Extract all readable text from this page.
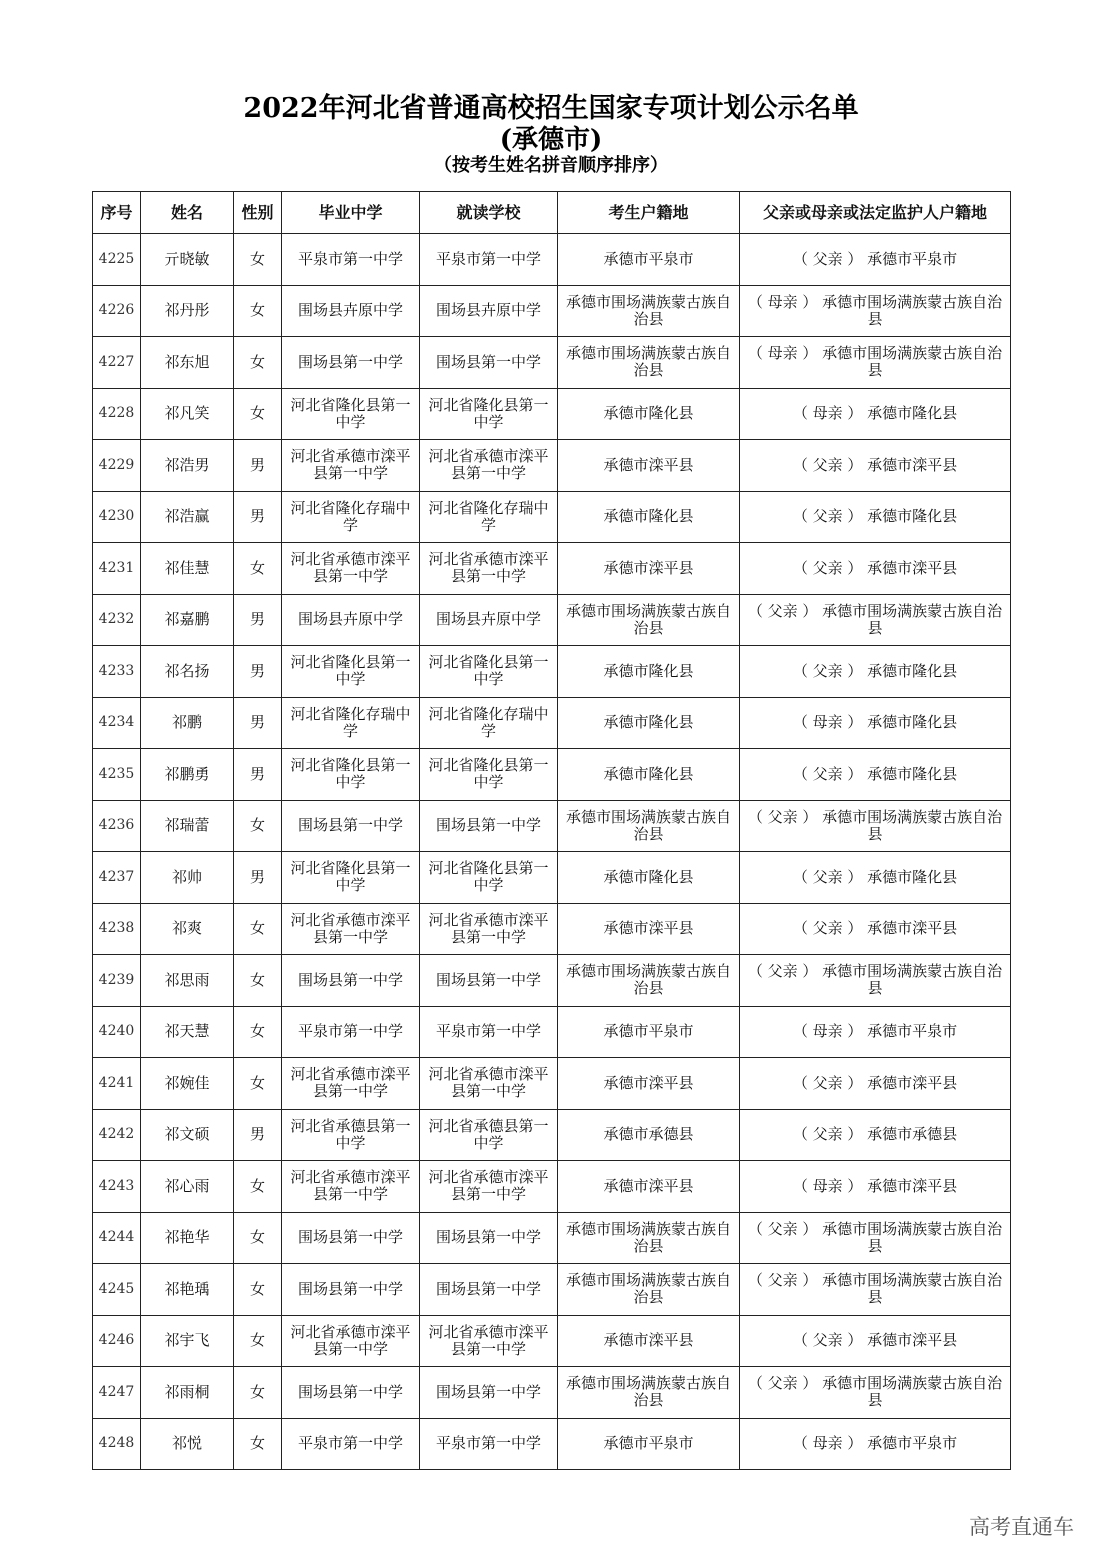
2022年河北省普通高校招生国家专项计划公示名单
(承德市)
（按考生姓名拼音顺序排序）
序号	姓名	性别	毕业中学	就读学校	考生户籍地	父亲或母亲或法定监护人户籍地
4225	亓晓敏	女	平泉市第一中学	平泉市第一中学	承德市平泉市	（ 父亲 ） 承德市平泉市
4226	祁丹彤	女	围场县卉原中学	围场县卉原中学	承德市围场满族蒙古族自治县	（ 母亲 ） 承德市围场满族蒙古族自治县
4227	祁东旭	女	围场县第一中学	围场县第一中学	承德市围场满族蒙古族自治县	（ 母亲 ） 承德市围场满族蒙古族自治县
4228	祁凡笑	女	河北省隆化县第一中学	河北省隆化县第一中学	承德市隆化县	（ 母亲 ） 承德市隆化县
4229	祁浩男	男	河北省承德市滦平县第一中学	河北省承德市滦平县第一中学	承德市滦平县	（ 父亲 ） 承德市滦平县
4230	祁浩赢	男	河北省隆化存瑞中学	河北省隆化存瑞中学	承德市隆化县	（ 父亲 ） 承德市隆化县
4231	祁佳慧	女	河北省承德市滦平县第一中学	河北省承德市滦平县第一中学	承德市滦平县	（ 父亲 ） 承德市滦平县
4232	祁嘉鹏	男	围场县卉原中学	围场县卉原中学	承德市围场满族蒙古族自治县	（ 父亲 ） 承德市围场满族蒙古族自治县
4233	祁名扬	男	河北省隆化县第一中学	河北省隆化县第一中学	承德市隆化县	（ 父亲 ） 承德市隆化县
4234	祁鹏	男	河北省隆化存瑞中学	河北省隆化存瑞中学	承德市隆化县	（ 母亲 ） 承德市隆化县
4235	祁鹏勇	男	河北省隆化县第一中学	河北省隆化县第一中学	承德市隆化县	（ 父亲 ） 承德市隆化县
4236	祁瑞蕾	女	围场县第一中学	围场县第一中学	承德市围场满族蒙古族自治县	（ 父亲 ） 承德市围场满族蒙古族自治县
4237	祁帅	男	河北省隆化县第一中学	河北省隆化县第一中学	承德市隆化县	（ 父亲 ） 承德市隆化县
4238	祁爽	女	河北省承德市滦平县第一中学	河北省承德市滦平县第一中学	承德市滦平县	（ 父亲 ） 承德市滦平县
4239	祁思雨	女	围场县第一中学	围场县第一中学	承德市围场满族蒙古族自治县	（ 父亲 ） 承德市围场满族蒙古族自治县
4240	祁天慧	女	平泉市第一中学	平泉市第一中学	承德市平泉市	（ 母亲 ） 承德市平泉市
4241	祁婉佳	女	河北省承德市滦平县第一中学	河北省承德市滦平县第一中学	承德市滦平县	（ 父亲 ） 承德市滦平县
4242	祁文硕	男	河北省承德县第一中学	河北省承德县第一中学	承德市承德县	（ 父亲 ） 承德市承德县
4243	祁心雨	女	河北省承德市滦平县第一中学	河北省承德市滦平县第一中学	承德市滦平县	（ 母亲 ） 承德市滦平县
4244	祁艳华	女	围场县第一中学	围场县第一中学	承德市围场满族蒙古族自治县	（ 父亲 ） 承德市围场满族蒙古族自治县
4245	祁艳瑀	女	围场县第一中学	围场县第一中学	承德市围场满族蒙古族自治县	（ 父亲 ） 承德市围场满族蒙古族自治县
4246	祁宇飞	女	河北省承德市滦平县第一中学	河北省承德市滦平县第一中学	承德市滦平县	（ 父亲 ） 承德市滦平县
4247	祁雨桐	女	围场县第一中学	围场县第一中学	承德市围场满族蒙古族自治县	（ 父亲 ） 承德市围场满族蒙古族自治县
4248	祁悦	女	平泉市第一中学	平泉市第一中学	承德市平泉市	（ 母亲 ） 承德市平泉市
高考直通车
